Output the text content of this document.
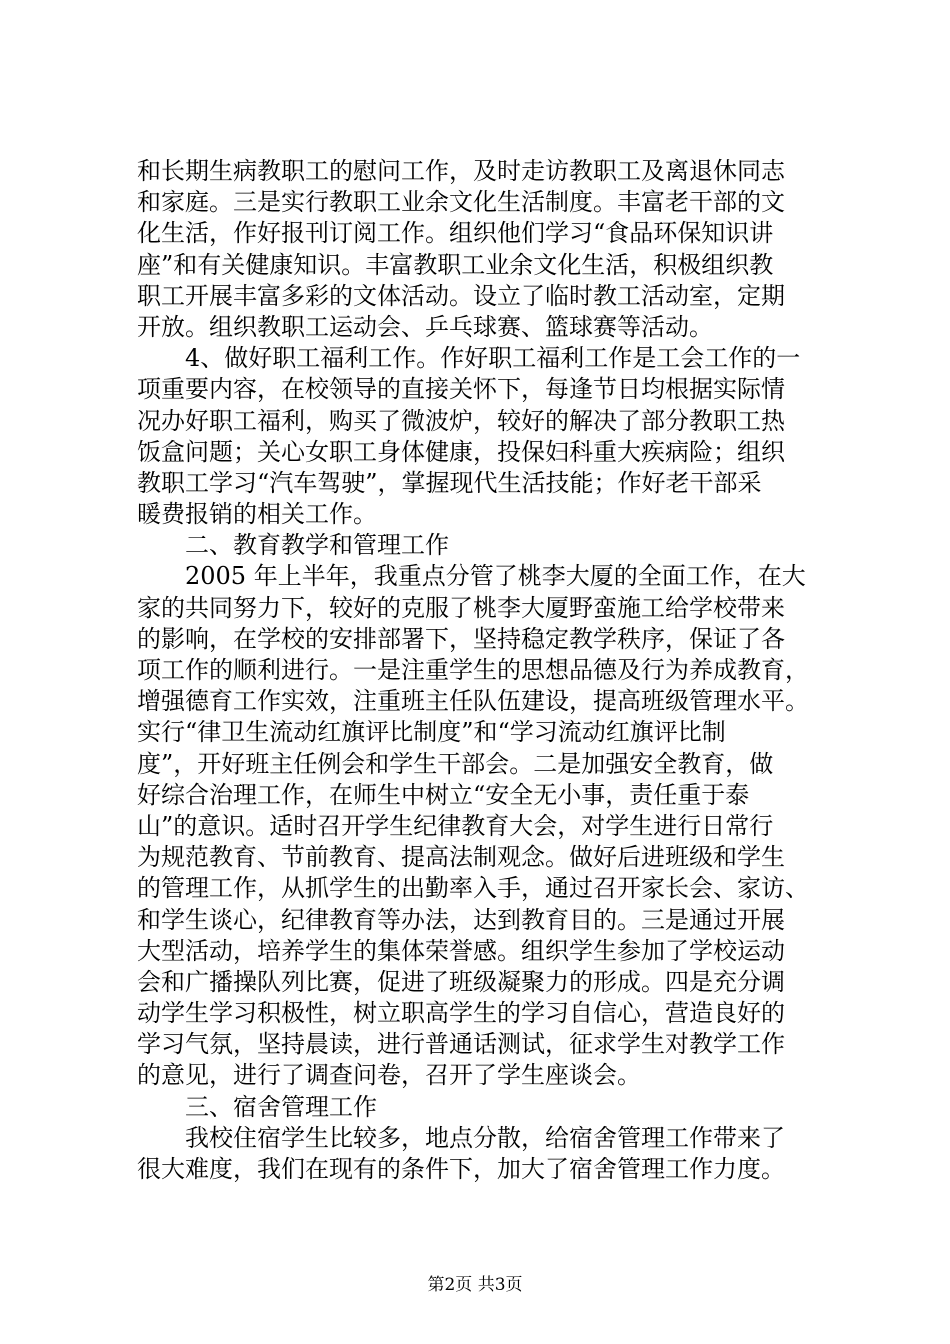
和长期生病教职工的慰问工作，及时走访教职工及离退休同志
和家庭。三是实行教职工业余文化生活制度。丰富老干部的文
化生活，作好报刊订阅工作。组织他们学习“食品环保知识讲
座”和有关健康知识。丰富教职工业余文化生活，积极组织教
职工开展丰富多彩的文体活动。设立了临时教工活动室，定期
开放。组织教职工运动会、乒乓球赛、篮球赛等活动。
4、做好职工福利工作。作好职工福利工作是工会工作的一
项重要内容，在校领导的直接关怀下，每逢节日均根据实际情
况办好职工福利，购买了微波炉，较好的解决了部分教职工热
饭盒问题；关心女职工身体健康，投保妇科重大疾病险；组织
教职工学习“汽车驾驶”，掌握现代生活技能；作好老干部采
暖费报销的相关工作。
二、教育教学和管理工作
2005 年上半年，我重点分管了桃李大厦的全面工作，在大
家的共同努力下，较好的克服了桃李大厦野蛮施工给学校带来
的影响，在学校的安排部署下，坚持稳定教学秩序，保证了各
项工作的顺利进行。一是注重学生的思想品德及行为养成教育，
增强德育工作实效，注重班主任队伍建设，提高班级管理水平。
实行“律卫生流动红旗评比制度”和“学习流动红旗评比制
度”，开好班主任例会和学生干部会。二是加强安全教育，做
好综合治理工作，在师生中树立“安全无小事，责任重于泰
山”的意识。适时召开学生纪律教育大会，对学生进行日常行
为规范教育、节前教育、提高法制观念。做好后进班级和学生
的管理工作，从抓学生的出勤率入手，通过召开家长会、家访、
和学生谈心，纪律教育等办法，达到教育目的。三是通过开展
大型活动，培养学生的集体荣誉感。组织学生参加了学校运动
会和广播操队列比赛，促进了班级凝聚力的形成。四是充分调
动学生学习积极性，树立职高学生的学习自信心，营造良好的
学习气氛，坚持晨读，进行普通话测试，征求学生对教学工作
的意见，进行了调查问卷，召开了学生座谈会。
三、宿舍管理工作
我校住宿学生比较多，地点分散，给宿舍管理工作带来了
很大难度，我们在现有的条件下，加大了宿舍管理工作力度。
第2页 共3页
